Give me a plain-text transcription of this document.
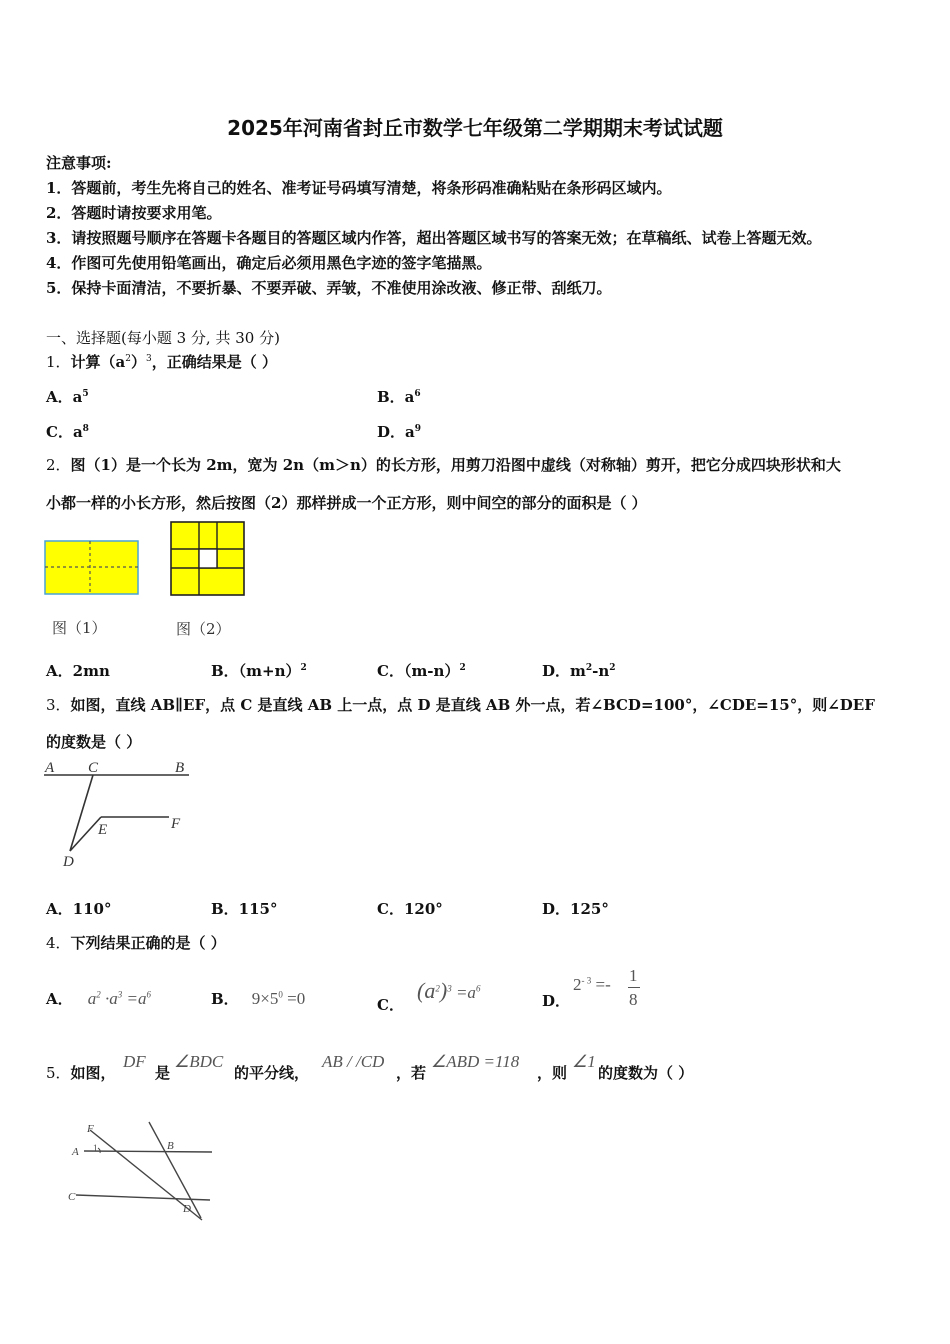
2025年河南省封丘市数学七年级第二学期期末考试试题
注意事项:
1．答题前，考生先将自己的姓名、准考证号码填写清楚，将条形码准确粘贴在条形码区域内。
2．答题时请按要求用笔。
3．请按照题号顺序在答题卡各题目的答题区域内作答，超出答题区域书写的答案无效；在草稿纸、试卷上答题无效。
4．作图可先使用铅笔画出，确定后必须用黑色字迹的签字笔描黑。
5．保持卡面清洁，不要折暴、不要弄破、弄皱，不准使用涂改液、修正带、刮纸刀。
一、选择题(每小题 3 分, 共 30 分)
1．计算$(a^2)^3$，正确结果是（ ）
A．$a^5$	B．$a^6$
C．$a^8$	D．$a^9$
2．图（1）是一个长为 2m，宽为 2n（m＞n）的长方形，用剪刀沿图中虚线（对称轴）剪开，把它分成四块形状和大
小都一样的小长方形，然后按图（2）那样拼成一个正方形，则中间空的部分的面积是（ ）
图（1）	图（2）
A．2mn	B．$(m+n)^2$	C．$(m-n)^2$	D．$m^2-n^2$
3．如图，直线 AB∥EF，点 C 是直线 AB 上一点，点 D 是直线 AB 外一点，若∠BCD=100°，∠CDE=15°，则∠DEF
的度数是（ ）
A C	B
E	F
D
A．110°	B．115°	C．120°	D．125°
4．下列结果正确的是（ ）
A． $a^2 \cdot a^3 =a^6$	B． $9\times 5^0 =0$	C． $(a^2)^3 =a^6$
D．
$2^{- 3} =- 1$
8
5．如图，
DF
是
∠BDC
的平分线，
AB / /CD
，若
∠ABD =118
，则
∠1
的度数为（ ）
F
A 1	B
C
D
